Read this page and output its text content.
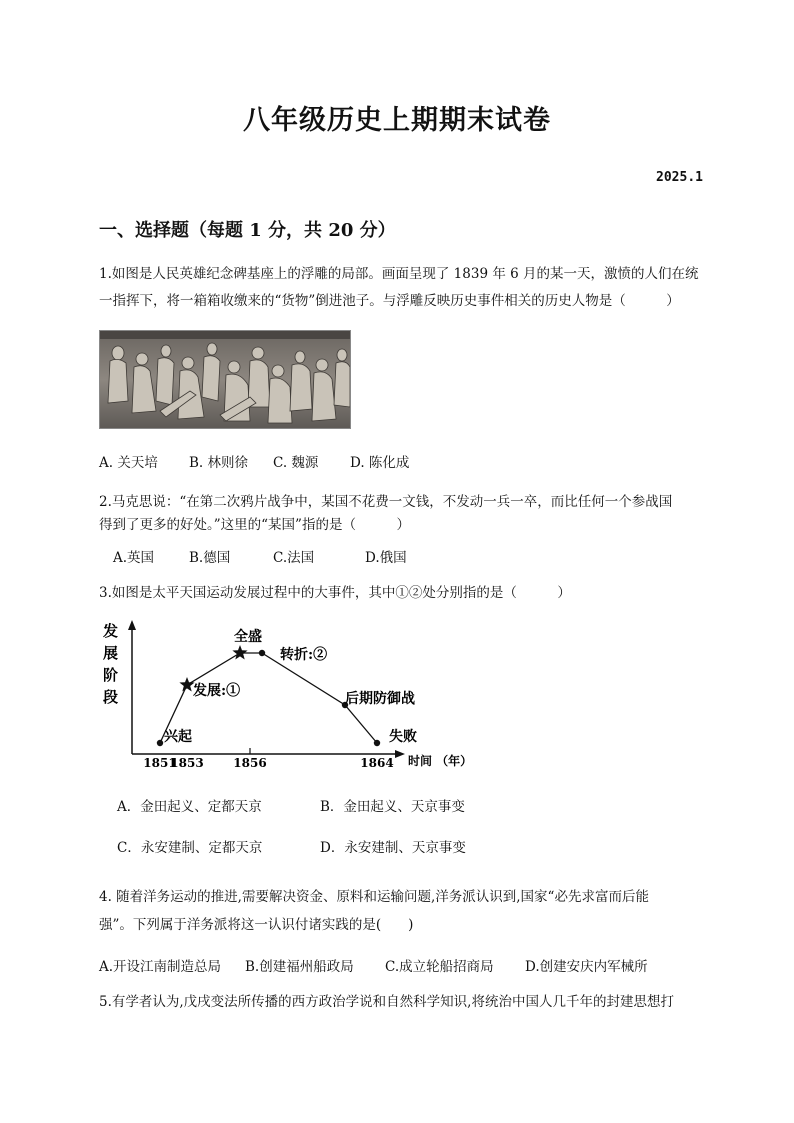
八年级历史上期期末试卷
2025.1
一、选择题（每题 1 分，共 20 分）
1.如图是人民英雄纪念碑基座上的浮雕的局部。画面呈现了 1839 年 6 月的某一天，激愤的人们在统
一指挥下，将一箱箱收缴来的“货物”倒进池子。与浮雕反映历史事件相关的历史人物是（　　　）
A. 关天培 B. 林则徐 C. 魏源 D. 陈化成
2.马克思说：“在第二次鸦片战争中，某国不花费一文钱，不发动一兵一卒，而比任何一个参战国
得到了更多的好处。”这里的“某国”指的是（　　　）
A.英国	B.德国	C.法国	D.俄国
3.如图是太平天国运动发展过程中的大事件，其中①②处分别指的是（　　　）
发
展
阶
段
时间 （年）
1851
1853 1856	1864
兴起
发展:①
全盛
转折:②
后期防御战
失败
A．金田起义、定都天京	B．金田起义、天京事变
C．永安建制、定都天京	D．永安建制、天京事变
4. 随着洋务运动的推进,需要解决资金、原料和运输问题,洋务派认识到,国家“必先求富而后能
强”。下列属于洋务派将这一认识付诸实践的是(　　)
A.开设江南制造总局 B.创建福州船政局 C.成立轮船招商局 D.创建安庆内军械所
5.有学者认为,戊戌变法所传播的西方政治学说和自然科学知识,将统治中国人几千年的封建思想打
